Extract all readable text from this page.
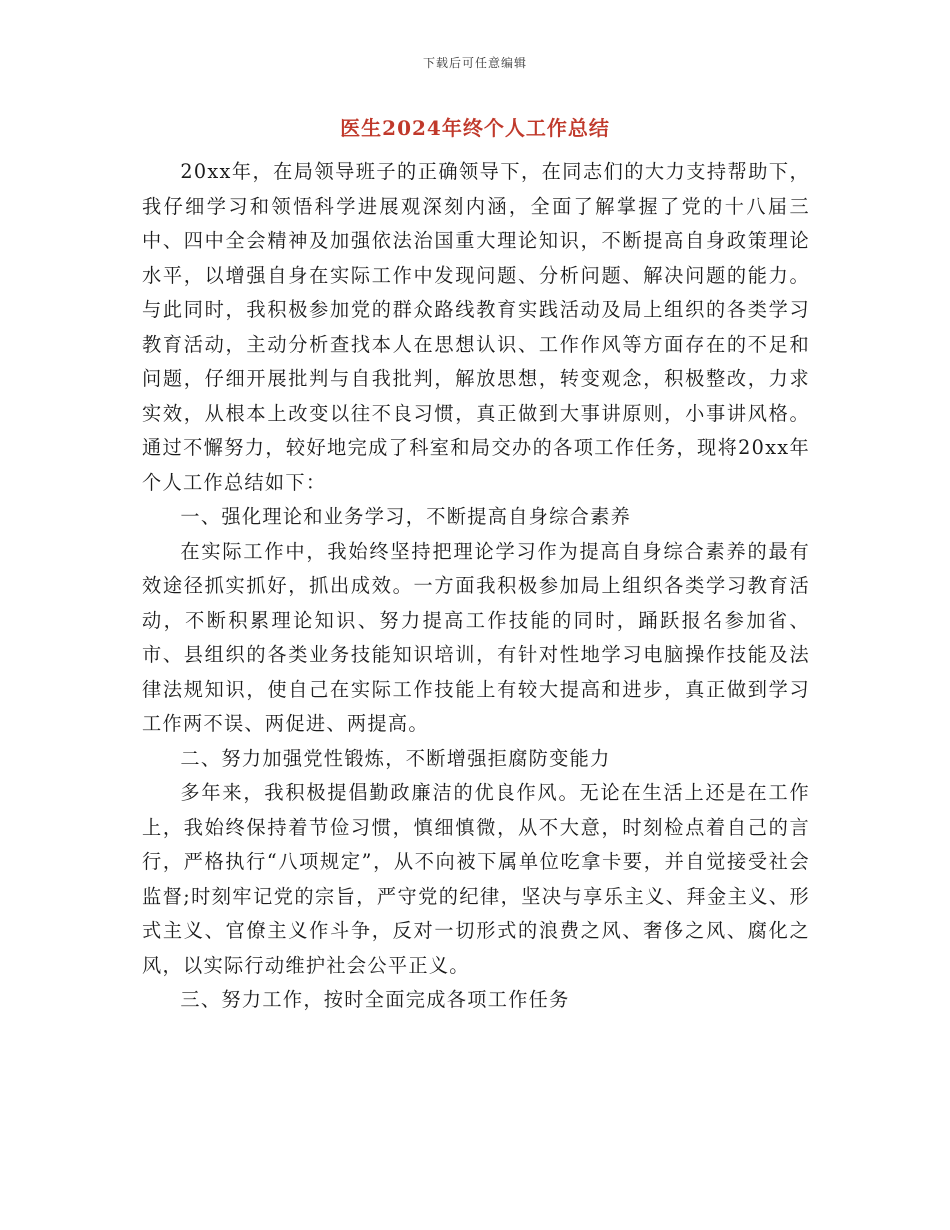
下载后可任意编辑
医生2024年终个人工作总结

20xx年，在局领导班子的正确领导下，在同志们的大力支持帮助下，我仔细学习和领悟科学进展观深刻内涵，全面了解掌握了党的十八届三中、四中全会精神及加强依法治国重大理论知识，不断提高自身政策理论水平，以增强自身在实际工作中发现问题、分析问题、解决问题的能力。与此同时，我积极参加党的群众路线教育实践活动及局上组织的各类学习教育活动，主动分析查找本人在思想认识、工作作风等方面存在的不足和问题，仔细开展批判与自我批判，解放思想，转变观念，积极整改，力求实效，从根本上改变以往不良习惯，真正做到大事讲原则，小事讲风格。通过不懈努力，较好地完成了科室和局交办的各项工作任务，现将20xx年个人工作总结如下：

一、强化理论和业务学习，不断提高自身综合素养

在实际工作中，我始终坚持把理论学习作为提高自身综合素养的最有效途径抓实抓好，抓出成效。一方面我积极参加局上组织各类学习教育活动，不断积累理论知识、努力提高工作技能的同时，踊跃报名参加省、市、县组织的各类业务技能知识培训，有针对性地学习电脑操作技能及法律法规知识，使自己在实际工作技能上有较大提高和进步，真正做到学习工作两不误、两促进、两提高。

二、努力加强党性锻炼，不断增强拒腐防变能力

多年来，我积极提倡勤政廉洁的优良作风。无论在生活上还是在工作上，我始终保持着节俭习惯，慎细慎微，从不大意，时刻检点着自己的言行，严格执行“八项规定”，从不向被下属单位吃拿卡要，并自觉接受社会监督;时刻牢记党的宗旨，严守党的纪律，坚决与享乐主义、拜金主义、形式主义、官僚主义作斗争，反对一切形式的浪费之风、奢侈之风、腐化之风，以实际行动维护社会公平正义。

三、努力工作，按时全面完成各项工作任务
